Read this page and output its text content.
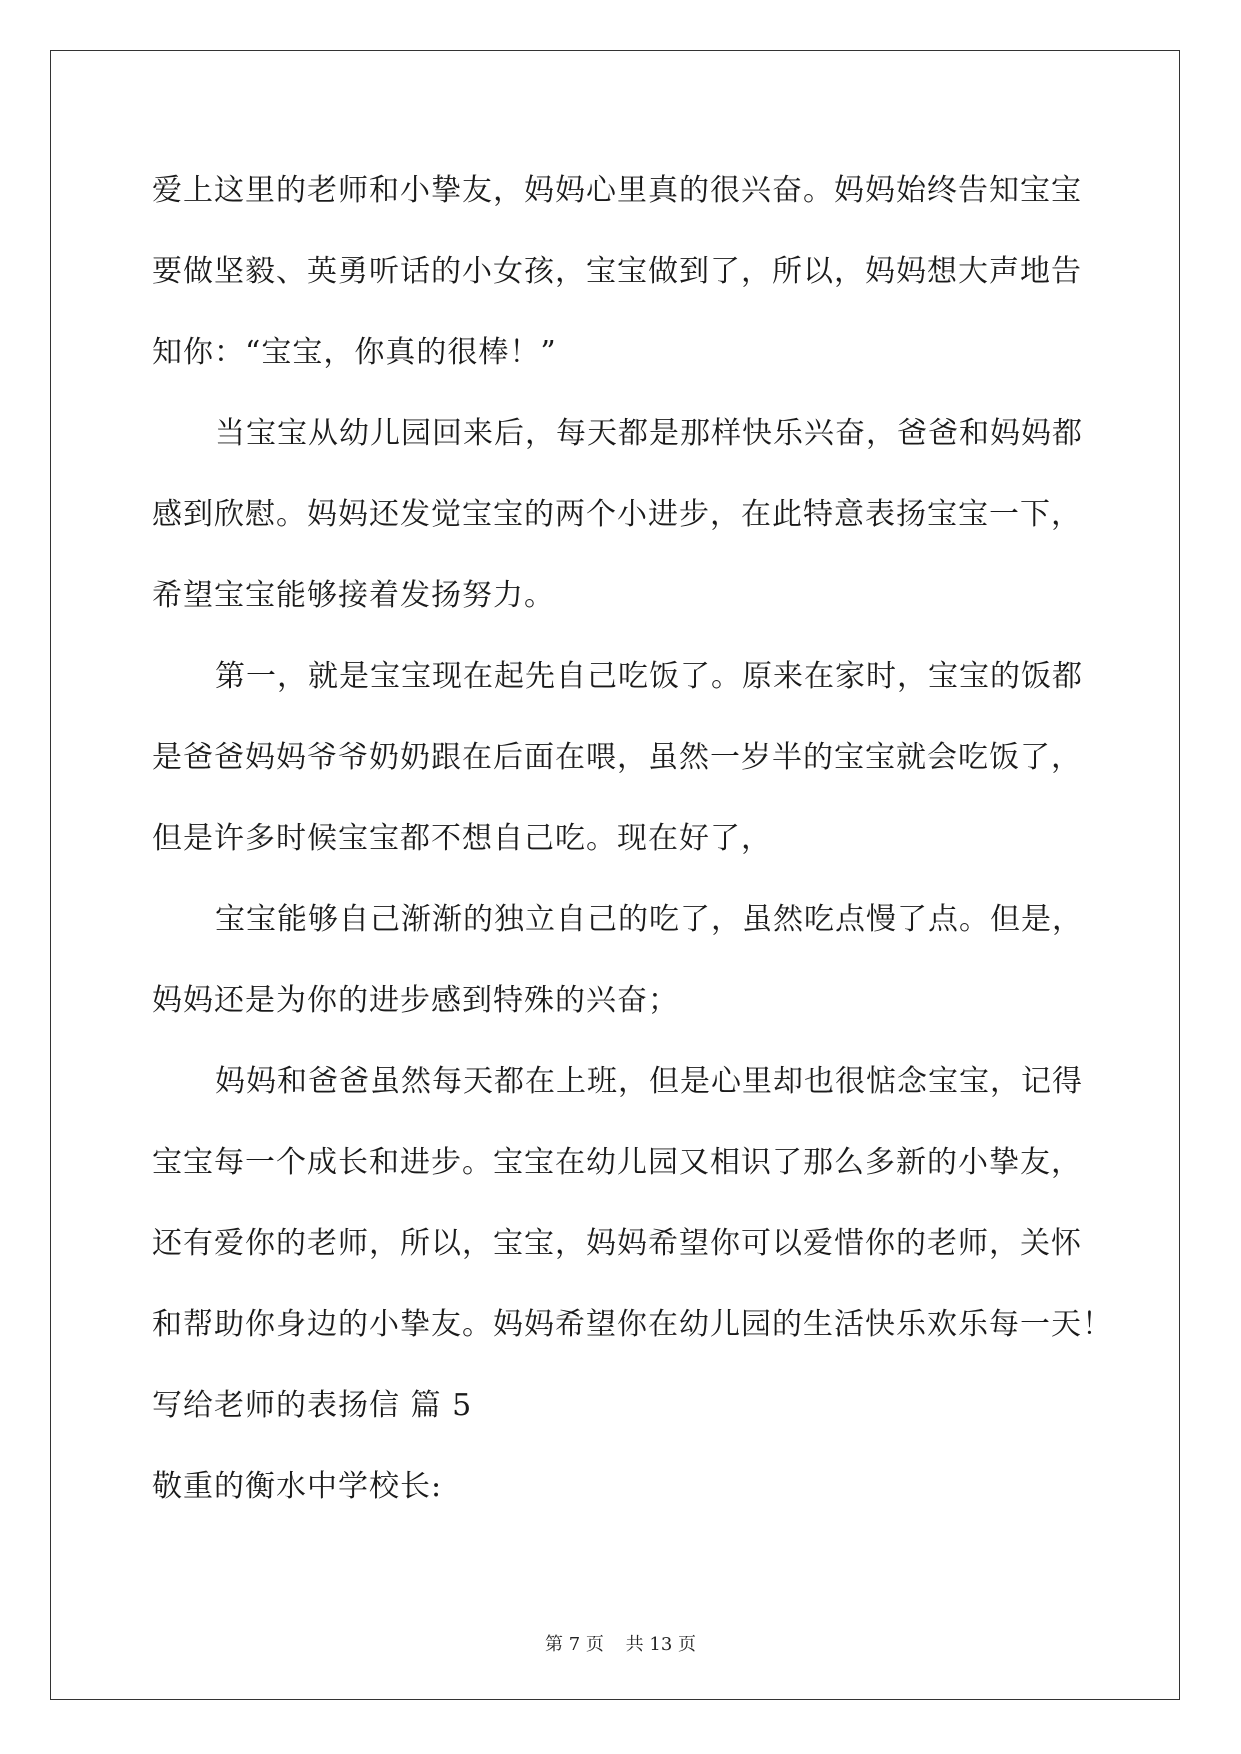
爱上这里的老师和小挚友，妈妈心里真的很兴奋。妈妈始终告知宝宝
要做坚毅、英勇听话的小女孩，宝宝做到了，所以，妈妈想大声地告
知你：“宝宝，你真的很棒！”
当宝宝从幼儿园回来后，每天都是那样快乐兴奋，爸爸和妈妈都
感到欣慰。妈妈还发觉宝宝的两个小进步，在此特意表扬宝宝一下，
希望宝宝能够接着发扬努力。
第一，就是宝宝现在起先自己吃饭了。原来在家时，宝宝的饭都
是爸爸妈妈爷爷奶奶跟在后面在喂，虽然一岁半的宝宝就会吃饭了，
但是许多时候宝宝都不想自己吃。现在好了，
宝宝能够自己渐渐的独立自己的吃了，虽然吃点慢了点。但是，
妈妈还是为你的进步感到特殊的兴奋；
妈妈和爸爸虽然每天都在上班，但是心里却也很惦念宝宝，记得
宝宝每一个成长和进步。宝宝在幼儿园又相识了那么多新的小挚友，
还有爱你的老师，所以，宝宝，妈妈希望你可以爱惜你的老师，关怀
和帮助你身边的小挚友。妈妈希望你在幼儿园的生活快乐欢乐每一天！
写给老师的表扬信 篇 5
敬重的衡水中学校长:
第 7 页 共 13 页
